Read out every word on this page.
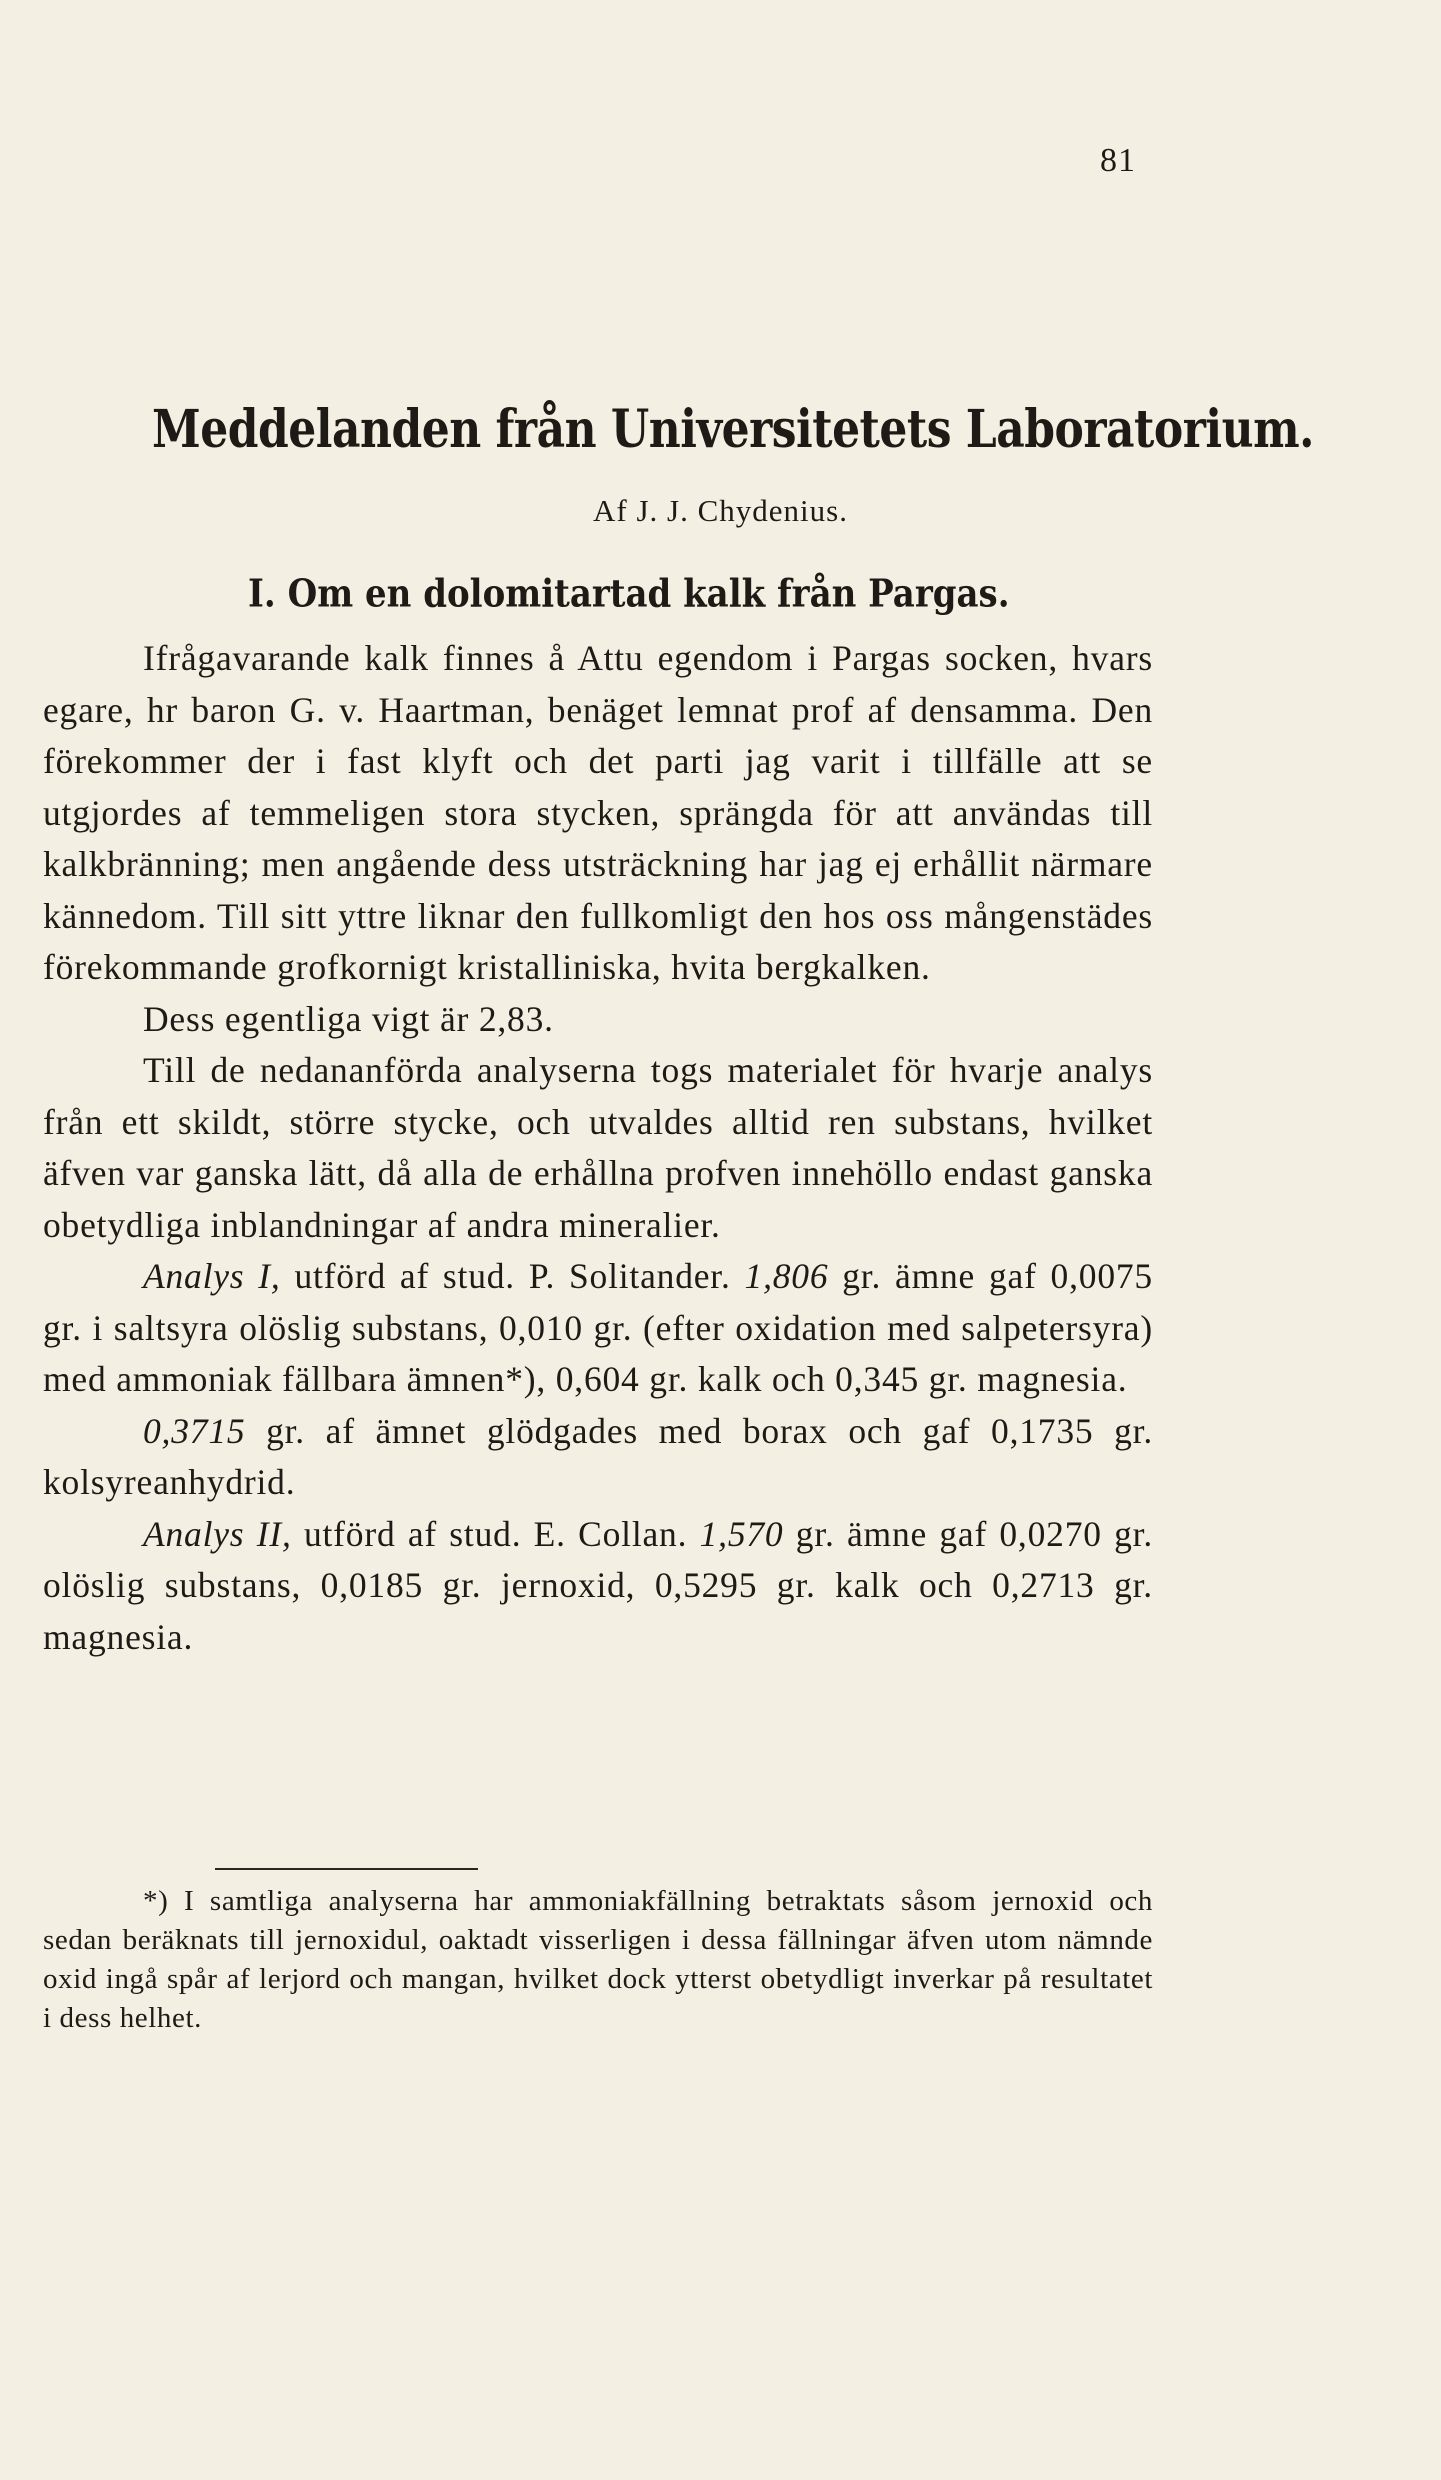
81
Meddelanden från Universitetets Laboratorium.
Af J. J. Chydenius.
I. Om en dolomitartad kalk från Pargas.

Ifrågavarande kalk finnes å Attu egendom i Pargas socken, hvars egare, hr baron G. v. Haartman, benäget lemnat prof af densamma. Den förekommer der i fast klyft och det parti jag varit i tillfälle att se utgjordes af temmeligen stora stycken, sprängda för att användas till kalkbränning; men angående dess utsträckning har jag ej erhållit närmare kännedom. Till sitt yttre liknar den fullkomligt den hos oss mångenstädes förekommande grofkornigt kristalliniska, hvita bergkalken.

Dess egentliga vigt är 2,83.

Till de nedananförda analyserna togs materialet för hvarje analys från ett skildt, större stycke, och utvaldes alltid ren substans, hvilket äfven var ganska lätt, då alla de erhållna profven innehöllo endast ganska obetydliga inblandningar af andra mineralier.

Analys I, utförd af stud. P. Solitander. 1,806 gr. ämne gaf 0,0075 gr. i saltsyra olöslig substans, 0,010 gr. (efter oxidation med salpetersyra) med ammoniak fällbara ämnen*), 0,604 gr. kalk och 0,345 gr. magnesia.

0,3715 gr. af ämnet glödgades med borax och gaf 0,1735 gr. kolsyreanhydrid.

Analys II, utförd af stud. E. Collan. 1,570 gr. ämne gaf 0,0270 gr. olöslig substans, 0,0185 gr. jernoxid, 0,5295 gr. kalk och 0,2713 gr. magnesia.

*) I samtliga analyserna har ammoniakfällning betraktats såsom jernoxid och sedan beräknats till jernoxidul, oaktadt visserligen i dessa fällningar äfven utom nämnde oxid ingå spår af lerjord och mangan, hvilket dock ytterst obetydligt inverkar på resultatet i dess helhet.
